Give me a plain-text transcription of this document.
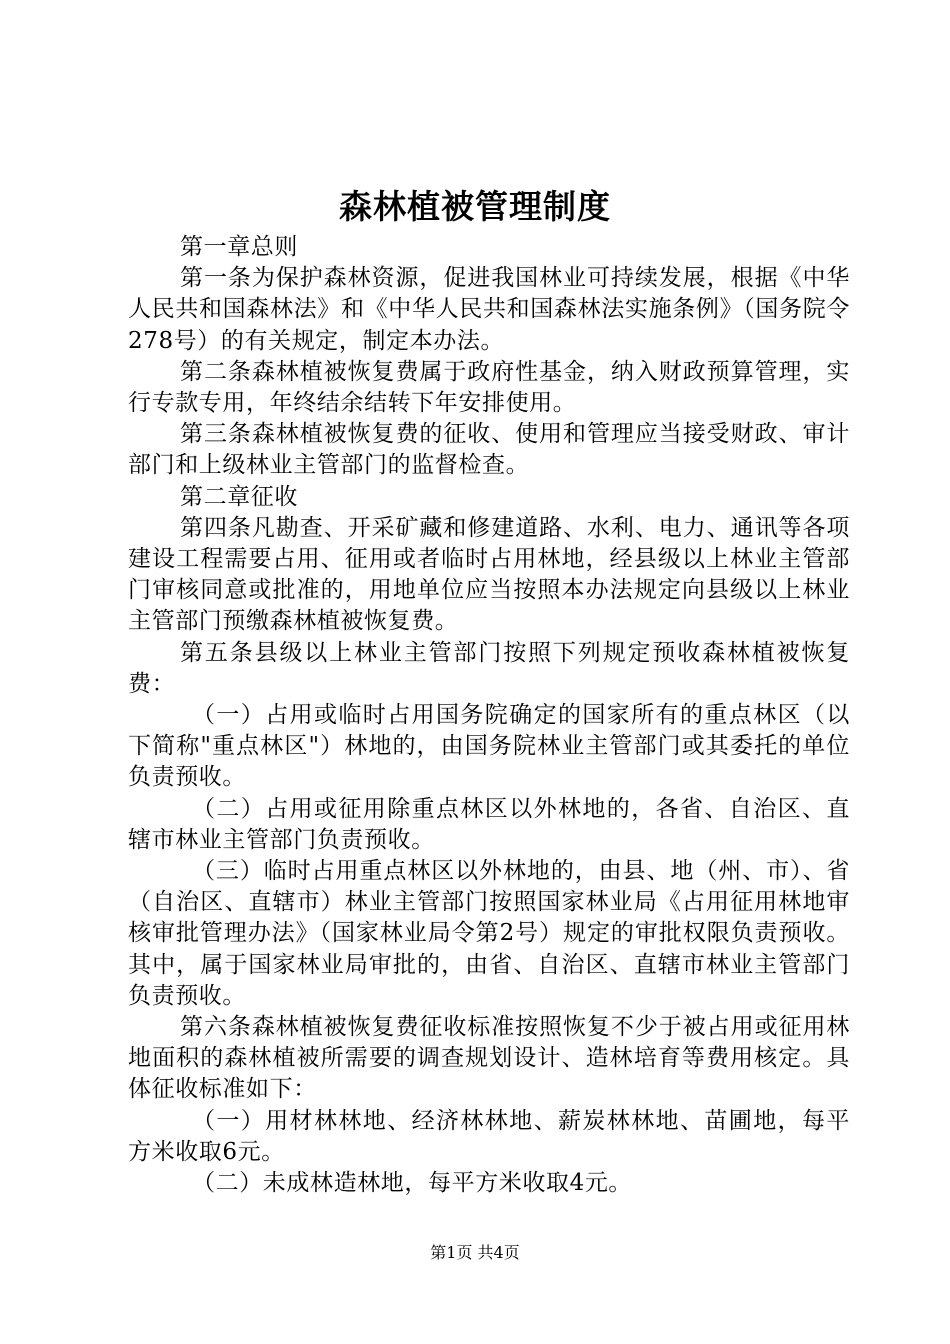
森林植被管理制度

第一章总则

第一条为保护森林资源，促进我国林业可持续发展，根据《中华人民共和国森林法》和《中华人民共和国森林法实施条例》（国务院令278号）的有关规定，制定本办法。

第二条森林植被恢复费属于政府性基金，纳入财政预算管理，实行专款专用，年终结余结转下年安排使用。

第三条森林植被恢复费的征收、使用和管理应当接受财政、审计部门和上级林业主管部门的监督检查。

第二章征收

第四条凡勘查、开采矿藏和修建道路、水利、电力、通讯等各项建设工程需要占用、征用或者临时占用林地，经县级以上林业主管部门审核同意或批准的，用地单位应当按照本办法规定向县级以上林业主管部门预缴森林植被恢复费。

第五条县级以上林业主管部门按照下列规定预收森林植被恢复费：

（一）占用或临时占用国务院确定的国家所有的重点林区（以下简称"重点林区"）林地的，由国务院林业主管部门或其委托的单位负责预收。

（二）占用或征用除重点林区以外林地的，各省、自治区、直辖市林业主管部门负责预收。

（三）临时占用重点林区以外林地的，由县、地（州、市）、省（自治区、直辖市）林业主管部门按照国家林业局《占用征用林地审核审批管理办法》（国家林业局令第2号）规定的审批权限负责预收。其中，属于国家林业局审批的，由省、自治区、直辖市林业主管部门负责预收。

第六条森林植被恢复费征收标准按照恢复不少于被占用或征用林地面积的森林植被所需要的调查规划设计、造林培育等费用核定。具体征收标准如下：

（一）用材林林地、经济林林地、薪炭林林地、苗圃地，每平方米收取6元。

（二）未成林造林地，每平方米收取4元。

第1页 共4页
